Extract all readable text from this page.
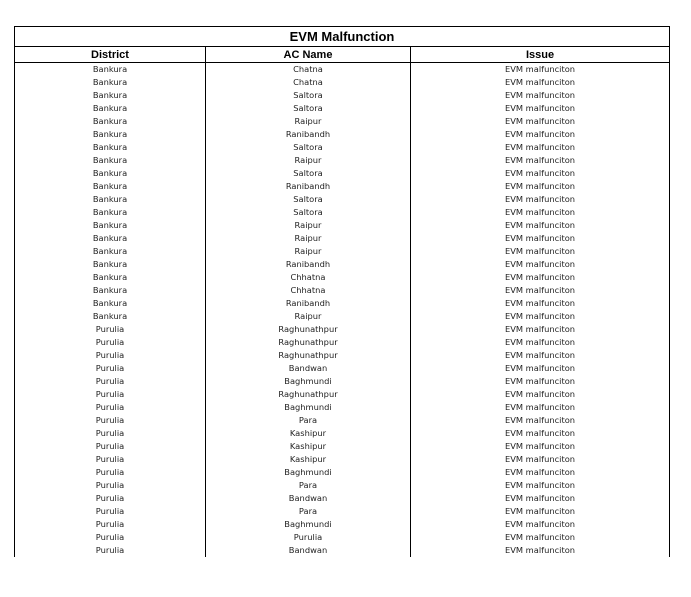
EVM Malfunction		
District	AC Name	Issue
Bankura	Chatna	EVM malfunciton
Bankura	Chatna	EVM malfunciton
Bankura	Saltora	EVM malfunciton
Bankura	Saltora	EVM malfunciton
Bankura	Raipur	EVM malfunciton
Bankura	Ranibandh	EVM malfunciton
Bankura	Saltora	EVM malfunciton
Bankura	Raipur	EVM malfunciton
Bankura	Saltora	EVM malfunciton
Bankura	Ranibandh	EVM malfunciton
Bankura	Saltora	EVM malfunciton
Bankura	Saltora	EVM malfunciton
Bankura	Raipur	EVM malfunciton
Bankura	Raipur	EVM malfunciton
Bankura	Raipur	EVM malfunciton
Bankura	Ranibandh	EVM malfunciton
Bankura	Chhatna	EVM malfunciton
Bankura	Chhatna	EVM malfunciton
Bankura	Ranibandh	EVM malfunciton
Bankura	Raipur	EVM malfunciton
Purulia	Raghunathpur	EVM malfunciton
Purulia	Raghunathpur	EVM malfunciton
Purulia	Raghunathpur	EVM malfunciton
Purulia	Bandwan	EVM malfunciton
Purulia	Baghmundi	EVM malfunciton
Purulia	Raghunathpur	EVM malfunciton
Purulia	Baghmundi	EVM malfunciton
Purulia	Para	EVM malfunciton
Purulia	Kashipur	EVM malfunciton
Purulia	Kashipur	EVM malfunciton
Purulia	Kashipur	EVM malfunciton
Purulia	Baghmundi	EVM malfunciton
Purulia	Para	EVM malfunciton
Purulia	Bandwan	EVM malfunciton
Purulia	Para	EVM malfunciton
Purulia	Baghmundi	EVM malfunciton
Purulia	Purulia	EVM malfunciton
Purulia	Bandwan	EVM malfunciton
